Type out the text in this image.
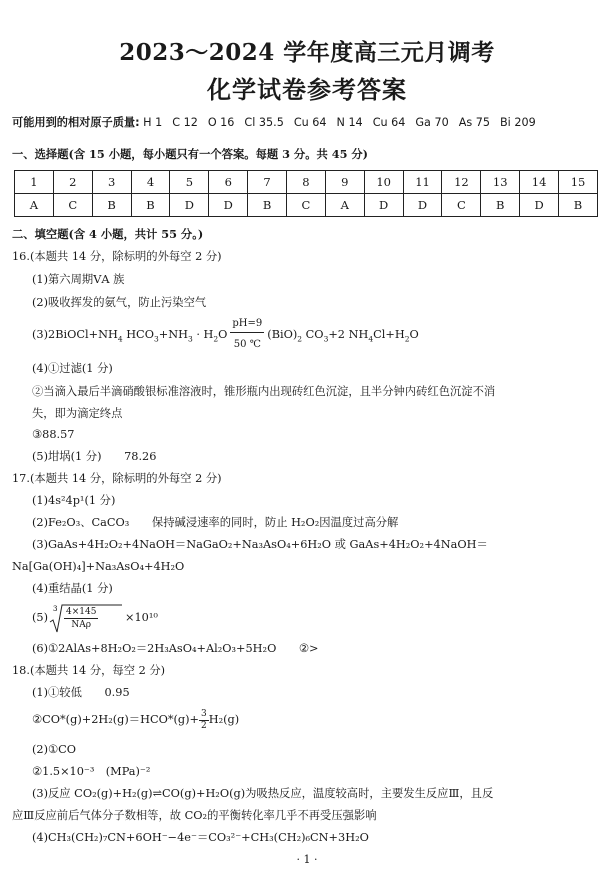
2023～2024 学年度高三元月调考
化学试卷参考答案
可能用到的相对原子质量: H 1 C 12 O 16 Cl 35.5 Cu 64 N 14 Cu 64 Ga 70 As 75 Bi 209
一、选择题(含 15 小题，每小题只有一个答案。每题 3 分。共 45 分)
1	2	3	4	5	6	7	8	9	10	11	12	13	14	15
A	C	B	B	D	D	B	C	A	D	D	C	B	D	B
二、填空题(含 4 小题，共计 55 分。)
16.(本题共 14 分，除标明的外每空 2 分)
(1)第六周期ⅤA 族
(2)吸收挥发的氨气，防止污染空气
$(3)2BiOCl+NH_4$ $HCO_3+NH_3 \cdot H_2O \frac{pH=9}{50 ℃} (BiO)_2$ $CO_3+2$ $NH_4Cl+H_2O$
(4)①过滤(1 分)
②当滴入最后半滴硝酸银标准溶液时，锥形瓶内出现砖红色沉淀，且半分钟内砖红色沉淀不消
失，即为滴定终点
③88.57
(5)坩埚(1 分)　　78.26
17.(本题共 14 分，除标明的外每空 2 分)
(1)4s²4p¹(1 分)
(2)Fe₂O₃、CaCO₃　　保持碱浸速率的同时，防止 H₂O₂因温度过高分解
(3)GaAs+4H₂O₂+4NaOH＝NaGaO₂+Na₃AsO₄+6H₂O 或 GaAs+4H₂O₂+4NaOH＝
Na[Ga(OH)₄]+Na₃AsO₄+4H₂O
(4)重结晶(1 分)
(5)
3 4×145
NAρ
×10¹⁰
(6)①2AlAs+8H₂O₂＝2H₃AsO₄+Al₂O₃+5H₂O　　②>
18.(本题共 14 分，每空 2 分)
(1)①较低　　0.95
②CO*(g)+2H₂(g)＝HCO*(g)+ $\frac{3}{2} H_2(g)$
(2)①CO
②1.5×10⁻³　(MPa)⁻²
(3)反应 CO₂(g)+H₂(g)⇌CO(g)+H₂O(g)为吸热反应，温度较高时，主要发生反应Ⅲ，且反
应Ⅲ反应前后气体分子数相等，故 CO₂的平衡转化率几乎不再受压强影响
(4)CH₃(CH₂)₇CN+6OH⁻−4e⁻＝CO₃²⁻+CH₃(CH₂)₆CN+3H₂O
· 1 ·
